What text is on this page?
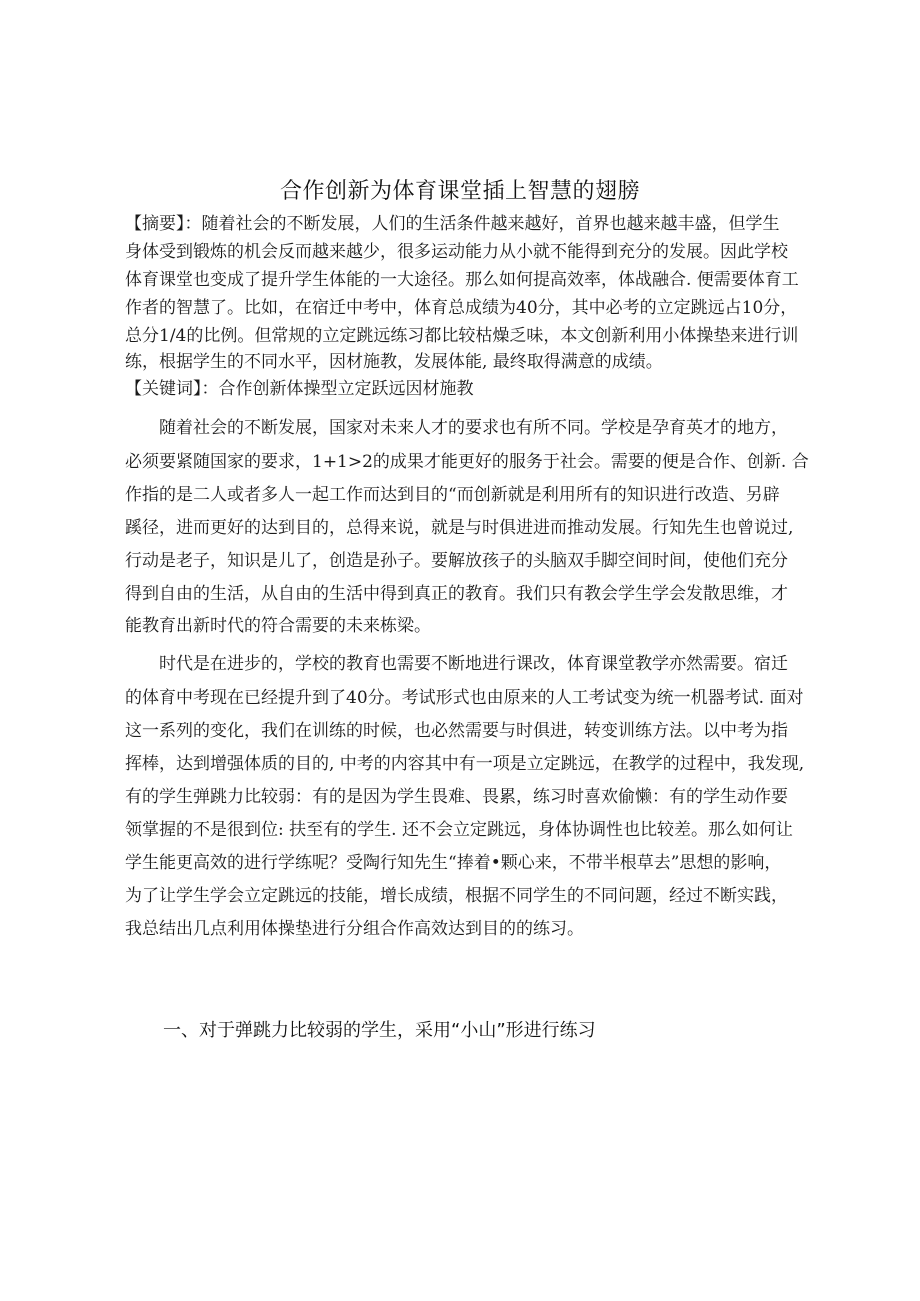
合作创新为体育课堂插上智慧的翅膀
【摘要】：随着社会的不断发展，人们的生活条件越来越好，首界也越来越丰盛，但学生
身体受到锻炼的机会反而越来越少，很多运动能力从小就不能得到充分的发展。因此学校
体育课堂也变成了提升学生体能的一大途径。那么如何提高效率，体战融合. 便需要体育工
作者的智慧了。比如，在宿迁中考中，体育总成绩为40分，其中必考的立定跳远占10分，
总分1/4的比例。但常规的立定跳远练习都比较枯燥乏味，本文创新利用小体操垫来进行训
练，根据学生的不同水平，因材施教，发展体能, 最终取得满意的成绩。
【关键词】：合作创新体操型立定跃远因材施教
　　随着社会的不断发展，国家对未来人才的要求也有所不同。学校是孕育英才的地方，
必须要紧随国家的要求，1+1>2的成果才能更好的服务于社会。需要的便是合作、创新. 合
作指的是二人或者多人一起工作而达到目的“而创新就是利用所有的知识进行改造、另辟
蹊径，进而更好的达到目的，总得来说，就是与时俱进进而推动发展。行知先生也曾说过,
行动是老子，知识是儿了，创造是孙子。要解放孩子的头脑双手脚空间时间，使他们充分
得到自由的生活，从自由的生活中得到真正的教育。我们只有教会学生学会发散思维，才
能教育出新时代的符合需要的未来栋梁。
　　时代是在进步的，学校的教育也需要不断地进行课改，体育课堂教学亦然需要。宿迁
的体育中考现在已经提升到了40分。考试形式也由原来的人工考试变为统一机器考试. 面对
这一系列的变化，我们在训练的时候，也必然需要与时俱进，转变训练方法。以中考为指
挥棒，达到增强体质的目的, 中考的内容其中有一项是立定跳远，在教学的过程中，我发现,
有的学生弹跳力比较弱：有的是因为学生畏难、畏累，练习时喜欢偷懒：有的学生动作要
领掌握的不是很到位: 扶至有的学生. 还不会立定跳远，身体协调性也比较差。那么如何让
学生能更高效的进行学练呢？受陶行知先生“捧着•颗心来，不带半根草去”思想的影响，
为了让学生学会立定跳远的技能，增长成绩，根据不同学生的不同问题，经过不断实践，
我总结出几点利用体操垫进行分组合作高效达到目的的练习。
一、对于弹跳力比较弱的学生，采用“小山”形进行练习
